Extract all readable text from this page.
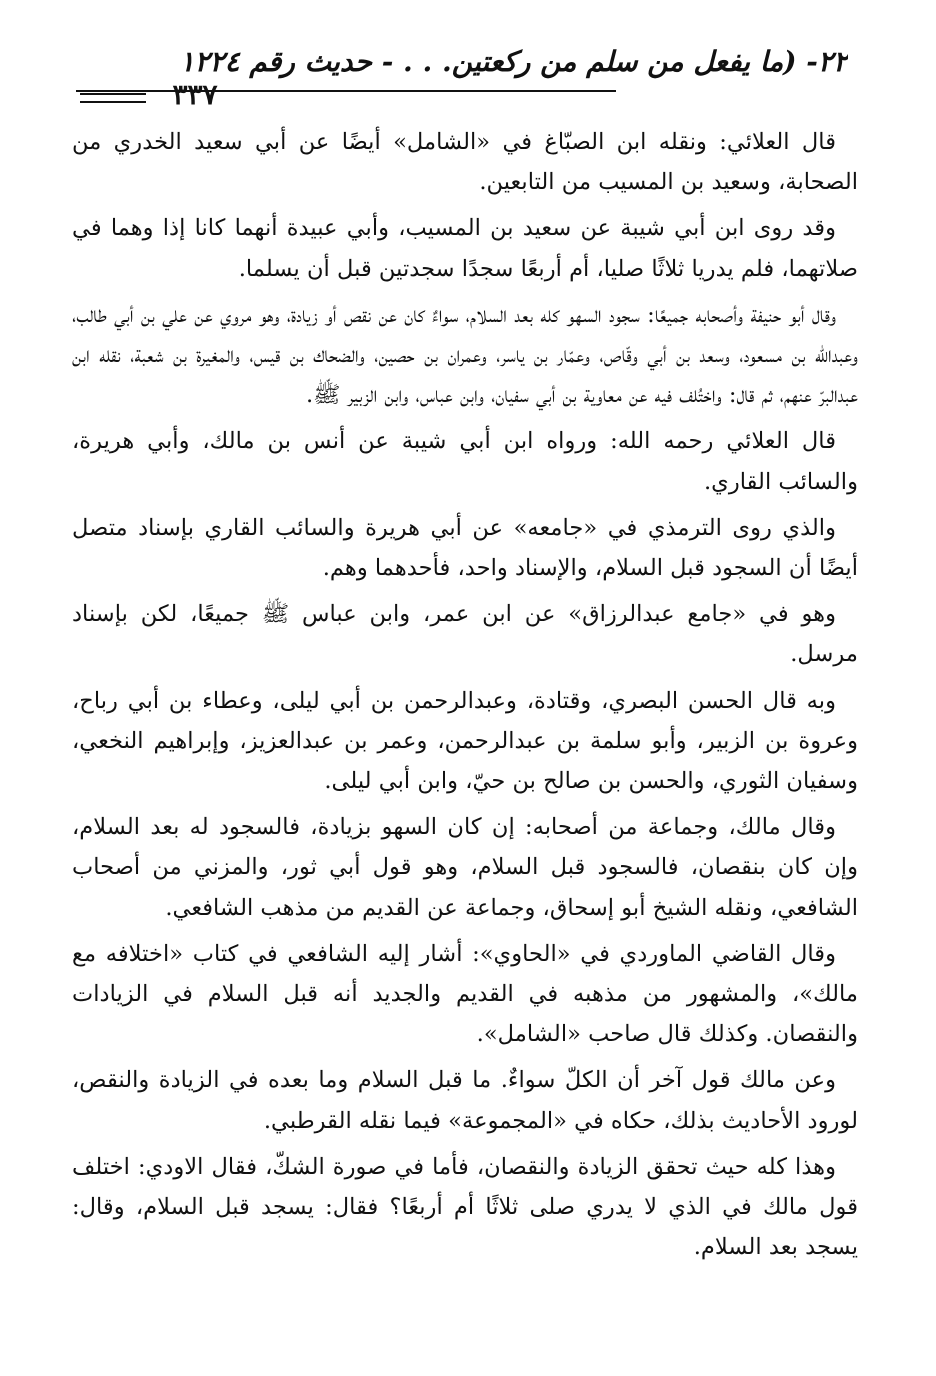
٢٢- (ما يفعل من سلم من ركعتين. . . - حديث رقم ١٢٢٤
٣٣٧

قال العلائي: ونقله ابن الصبّاغ في «الشامل» أيضًا عن أبي سعيد الخدري من الصحابة، وسعيد بن المسيب من التابعين.

وقد روى ابن أبي شيبة عن سعيد بن المسيب، وأبي عبيدة أنهما كانا إذا وهما في صلاتهما، فلم يدريا ثلاثًا صليا، أم أربعًا سجدًا سجدتين قبل أن يسلما.

وقال أبو حنيفة وأصحابه جميعًا: سجود السهو كله بعد السلام، سواءٌ كان عن نقص أو زيادة، وهو مروي عن علي بن أبي طالب، وعبدالله بن مسعود، وسعد بن أبي وقّاص، وعمّار بن ياسر، وعمران بن حصين، والضحاك بن قيس، والمغيرة بن شعبة، نقله ابن عبدالبرّ عنهم، ثم قال: واختُلف فيه عن معاوية بن أبي سفيان، وابن عباس، وابن الزبير ﷺ.

قال العلائي رحمه الله: ورواه ابن أبي شيبة عن أنس بن مالك، وأبي هريرة، والسائب القاري.

والذي روى الترمذي في «جامعه» عن أبي هريرة والسائب القاري بإسناد متصل أيضًا أن السجود قبل السلام، والإسناد واحد، فأحدهما وهم.

وهو في «جامع عبدالرزاق» عن ابن عمر، وابن عباس ﷺ جميعًا، لكن بإسناد مرسل.

وبه قال الحسن البصري، وقتادة، وعبدالرحمن بن أبي ليلى، وعطاء بن أبي رباح، وعروة بن الزبير، وأبو سلمة بن عبدالرحمن، وعمر بن عبدالعزيز، وإبراهيم النخعي، وسفيان الثوري، والحسن بن صالح بن حيّ، وابن أبي ليلى.

وقال مالك، وجماعة من أصحابه: إن كان السهو بزيادة، فالسجود له بعد السلام، وإن كان بنقصان، فالسجود قبل السلام، وهو قول أبي ثور، والمزني من أصحاب الشافعي، ونقله الشيخ أبو إسحاق، وجماعة عن القديم من مذهب الشافعي.

وقال القاضي الماوردي في «الحاوي»: أشار إليه الشافعي في كتاب «اختلافه مع مالك»، والمشهور من مذهبه في القديم والجديد أنه قبل السلام في الزيادات والنقصان. وكذلك قال صاحب «الشامل».

وعن مالك قول آخر أن الكلّ سواءٌ. ما قبل السلام وما بعده في الزيادة والنقص، لورود الأحاديث بذلك، حكاه في «المجموعة» فيما نقله القرطبي.

وهذا كله حيث تحقق الزيادة والنقصان، فأما في صورة الشكّ، فقال الاودي: اختلف قول مالك في الذي لا يدري صلى ثلاثًا أم أربعًا؟ فقال: يسجد قبل السلام، وقال: يسجد بعد السلام.
